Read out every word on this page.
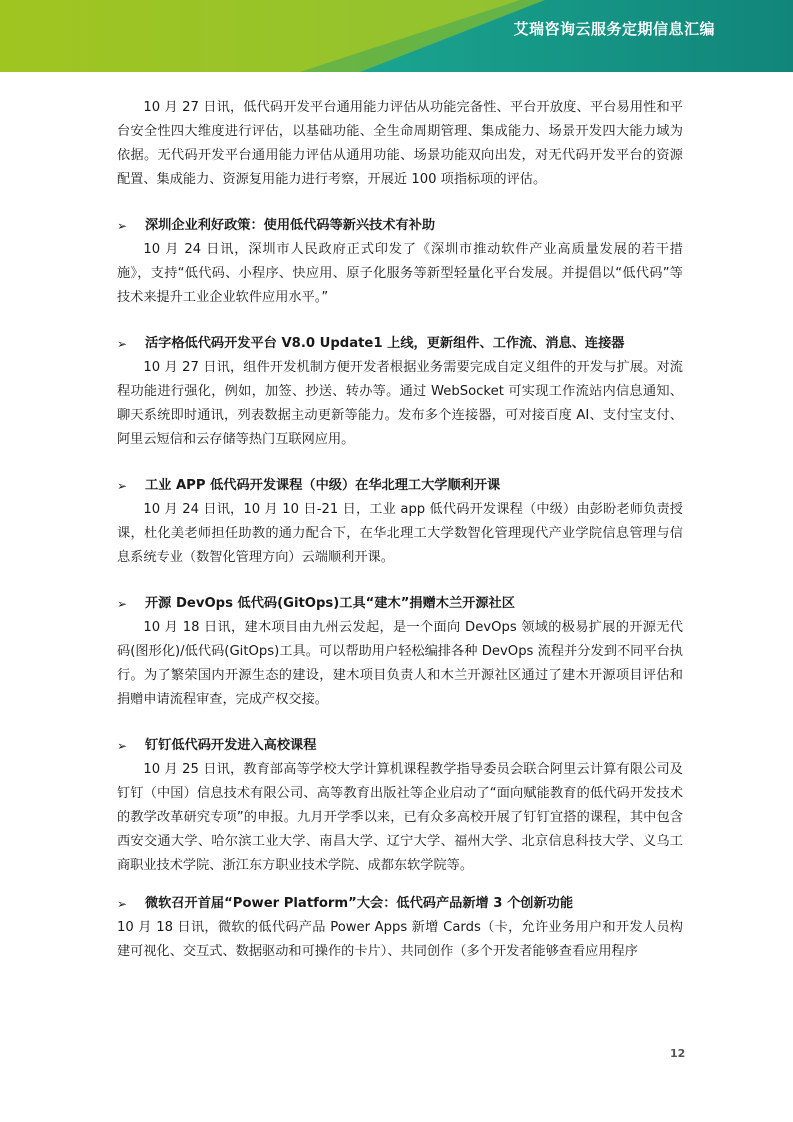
艾瑞咨询云服务定期信息汇编

10 月 27 日讯，低代码开发平台通用能力评估从功能完备性、平台开放度、平台易用性和平台安全性四大维度进行评估，以基础功能、全生命周期管理、集成能力、场景开发四大能力域为依据。无代码开发平台通用能力评估从通用功能、场景功能双向出发，对无代码开发平台的资源配置、集成能力、资源复用能力进行考察，开展近 100 项指标项的评估。

➢	深圳企业利好政策：使用低代码等新兴技术有补助

10 月 24 日讯，深圳市人民政府正式印发了《深圳市推动软件产业高质量发展的若干措施》，支持“低代码、小程序、快应用、原子化服务等新型轻量化平台发展。并提倡以“低代码”等技术来提升工业企业软件应用水平。”

➢	活字格低代码开发平台 V8.0 Update1 上线，更新组件、工作流、消息、连接器

10 月 27 日讯，组件开发机制方便开发者根据业务需要完成自定义组件的开发与扩展。对流程功能进行强化，例如，加签、抄送、转办等。通过 WebSocket 可实现工作流站内信息通知、聊天系统即时通讯，列表数据主动更新等能力。发布多个连接器，可对接百度 AI、支付宝支付、阿里云短信和云存储等热门互联网应用。

➢	工业 APP 低代码开发课程（中级）在华北理工大学顺利开课

10 月 24 日讯，10 月 10 日-21 日，工业 app 低代码开发课程（中级）由彭盼老师负责授课，杜化美老师担任助教的通力配合下，在华北理工大学数智化管理现代产业学院信息管理与信息系统专业（数智化管理方向）云端顺利开课。

➢	开源 DevOps 低代码(GitOps)工具“建木”捐赠木兰开源社区

10 月 18 日讯，建木项目由九州云发起，是一个面向 DevOps 领域的极易扩展的开源无代码(图形化)/低代码(GitOps)工具。可以帮助用户轻松编排各种 DevOps 流程并分发到不同平台执行。为了繁荣国内开源生态的建设，建木项目负责人和木兰开源社区通过了建木开源项目评估和捐赠申请流程审查，完成产权交接。

➢	钉钉低代码开发进入高校课程

10 月 25 日讯，教育部高等学校大学计算机课程教学指导委员会联合阿里云计算有限公司及钉钉（中国）信息技术有限公司、高等教育出版社等企业启动了“面向赋能教育的低代码开发技术的教学改革研究专项”的申报。九月开学季以来，已有众多高校开展了钉钉宜搭的课程，其中包含西安交通大学、哈尔滨工业大学、南昌大学、辽宁大学、福州大学、北京信息科技大学、义乌工商职业技术学院、浙江东方职业技术学院、成都东软学院等。

➢	微软召开首届“Power Platform”大会：低代码产品新增 3 个创新功能

10 月 18 日讯，微软的低代码产品 Power Apps 新增 Cards（卡，允许业务用户和开发人员构建可视化、交互式、数据驱动和可操作的卡片）、共同创作（多个开发者能够查看应用程序

12
